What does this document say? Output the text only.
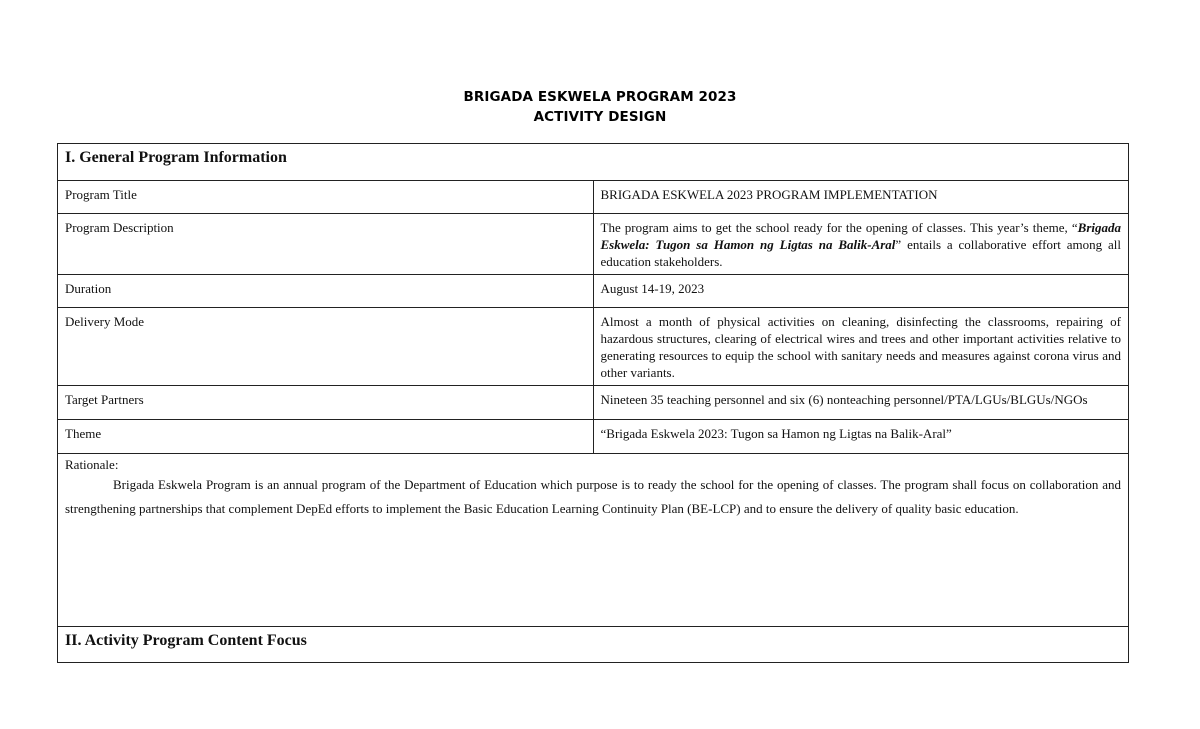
BRIGADA ESKWELA PROGRAM 2023
ACTIVITY DESIGN
I. General Program Information	
Program Title	BRIGADA ESKWELA 2023 PROGRAM IMPLEMENTATION
Program Description	The program aims to get the school ready for the opening of classes. This year’s theme, “Brigada Eskwela: Tugon sa Hamon ng Ligtas na Balik-Aral” entails a collaborative effort among all education stakeholders.
Duration	August 14-19, 2023
Delivery Mode	Almost a month of physical activities on cleaning, disinfecting the classrooms, repairing of hazardous structures, clearing of electrical wires and trees and other important activities relative to generating resources to equip the school with sanitary needs and measures against corona virus and other variants.
Target Partners	Nineteen 35 teaching personnel and six (6) nonteaching personnel/PTA/LGUs/BLGUs/NGOs
Theme	“Brigada Eskwela 2023: Tugon sa Hamon ng Ligtas na Balik-Aral”

Rationale:
Brigada Eskwela Program is an annual program of the Department of Education which purpose is to ready the school for the opening of classes. The program shall focus on collaboration and strengthening partnerships that complement DepEd efforts to implement the Basic Education Learning Continuity Plan (BE-LCP) and to ensure the delivery of quality basic education.	

II. Activity Program Content Focus	
